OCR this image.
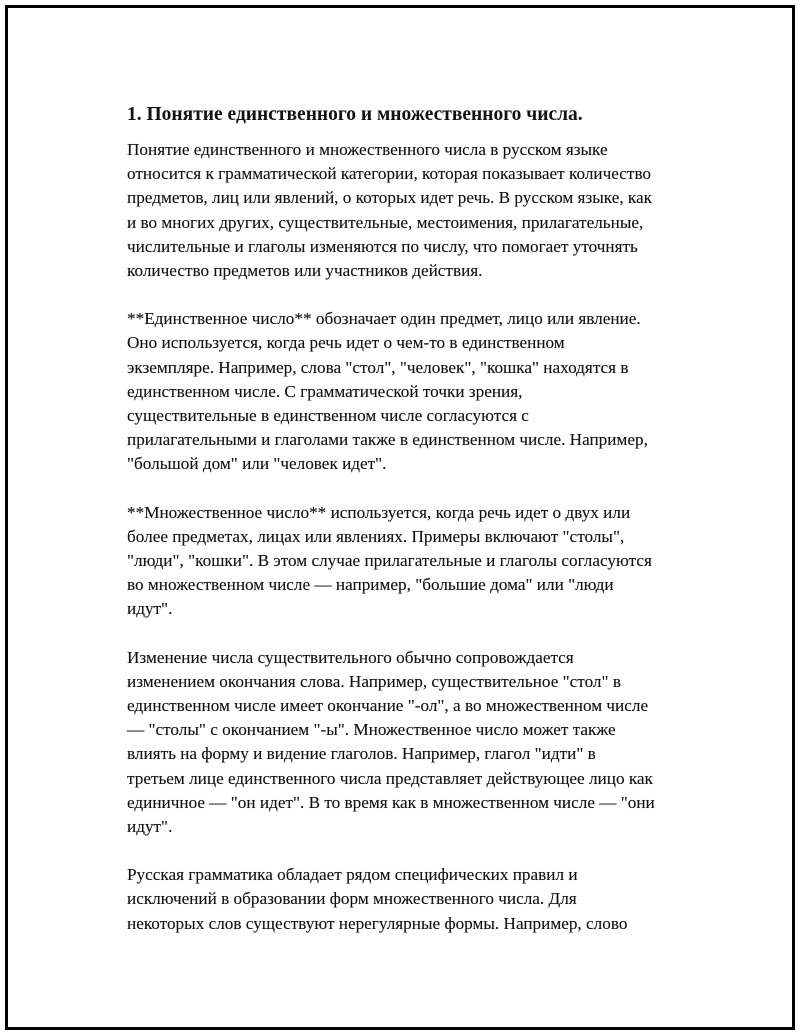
1. Понятие единственного и множественного числа.

Понятие единственного и множественного числа в русском языке
относится к грамматической категории, которая показывает количество
предметов, лиц или явлений, о которых идет речь. В русском языке, как
и во многих других, существительные, местоимения, прилагательные,
числительные и глаголы изменяются по числу, что помогает уточнять
количество предметов или участников действия.

**Единственное число** обозначает один предмет, лицо или явление.
Оно используется, когда речь идет о чем-то в единственном
экземпляре. Например, слова "стол", "человек", "кошка" находятся в
единственном числе. С грамматической точки зрения,
существительные в единственном числе согласуются с
прилагательными и глаголами также в единственном числе. Например,
"большой дом" или "человек идет".

**Множественное число** используется, когда речь идет о двух или
более предметах, лицах или явлениях. Примеры включают "столы",
"люди", "кошки". В этом случае прилагательные и глаголы согласуются
во множественном числе — например, "большие дома" или "люди
идут".

Изменение числа существительного обычно сопровождается
изменением окончания слова. Например, существительное "стол" в
единственном числе имеет окончание "-ол", а во множественном числе
— "столы" с окончанием "-ы". Множественное число может также
влиять на форму и видение глаголов. Например, глагол "идти" в
третьем лице единственного числа представляет действующее лицо как
единичное — "он идет". В то время как в множественном числе — "они
идут".

Русская грамматика обладает рядом специфических правил и
исключений в образовании форм множественного числа. Для
некоторых слов существуют нерегулярные формы. Например, слово
